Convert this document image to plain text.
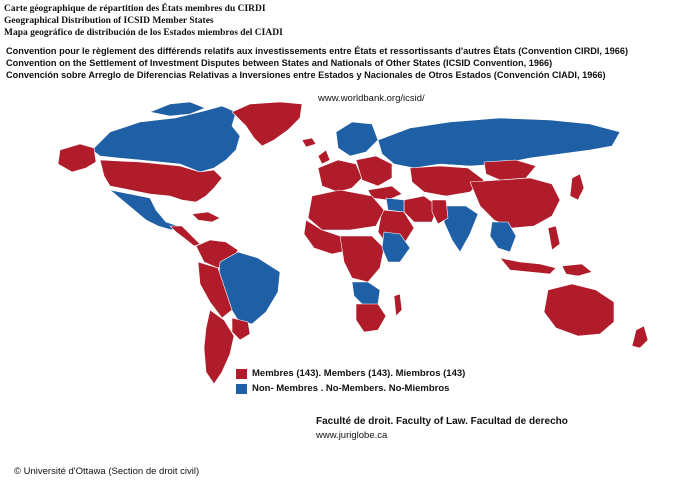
Carte géographique de répartition des États membres du CIRDI
Geographical Distribution of ICSID Member States
Mapa geográfico de distribución de los Estados miembros del CIADI
Convention pour le règlement des différends relatifs aux investissements entre États et ressortissants d'autres États (Convention CIRDI, 1966)
Convention on the Settlement of Investment Disputes between States and Nationals of Other States (ICSID Convention, 1966)
Convención sobre Arreglo de Diferencias Relativas a Inversiones entre Estados y Nacionales de Otros Estados (Convención CIADI, 1966)
www.worldbank.org/icsid/
Membres (143). Members (143). Miembros (143)
Non- Membres . No-Members. No-Miembros
Faculté de droit. Faculty of Law. Facultad de derecho
www.juriglobe.ca
© Université d'Ottawa (Section de droit civil)
